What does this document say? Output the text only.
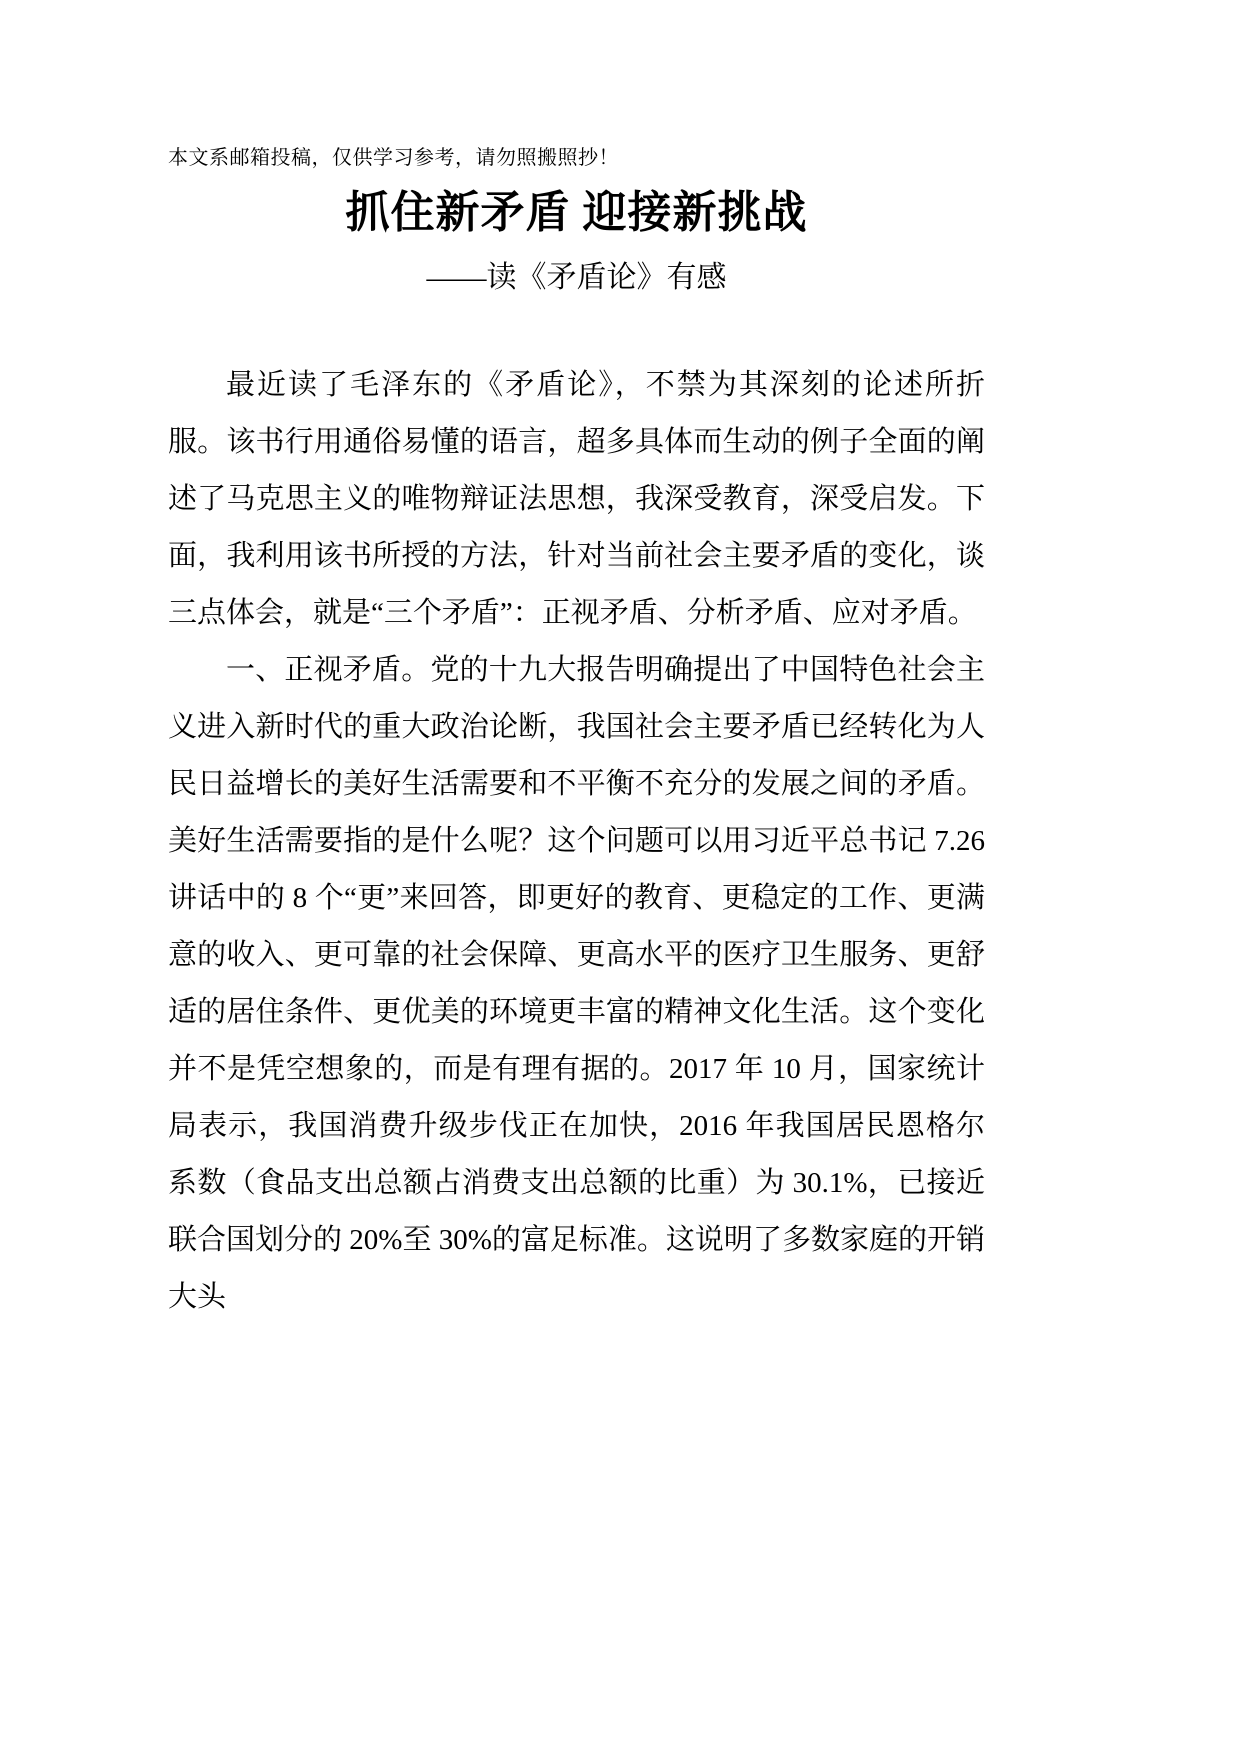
本文系邮箱投稿，仅供学习参考，请勿照搬照抄！
抓住新矛盾 迎接新挑战
——读《矛盾论》有感

最近读了毛泽东的《矛盾论》，不禁为其深刻的论述所折服。该书行用通俗易懂的语言，超多具体而生动的例子全面的阐述了马克思主义的唯物辩证法思想，我深受教育，深受启发。下面，我利用该书所授的方法，针对当前社会主要矛盾的变化，谈三点体会，就是“三个矛盾”：正视矛盾、分析矛盾、应对矛盾。

一、正视矛盾。党的十九大报告明确提出了中国特色社会主义进入新时代的重大政治论断，我国社会主要矛盾已经转化为人民日益增长的美好生活需要和不平衡不充分的发展之间的矛盾。美好生活需要指的是什么呢？这个问题可以用习近平总书记 7.26 讲话中的 8 个“更”来回答，即更好的教育、更稳定的工作、更满意的收入、更可靠的社会保障、更高水平的医疗卫生服务、更舒适的居住条件、更优美的环境更丰富的精神文化生活。这个变化并不是凭空想象的，而是有理有据的。2017 年 10 月，国家统计局表示，我国消费升级步伐正在加快，2016 年我国居民恩格尔系数（食品支出总额占消费支出总额的比重）为 30.1%，已接近联合国划分的 20%至 30%的富足标准。这说明了多数家庭的开销大头
